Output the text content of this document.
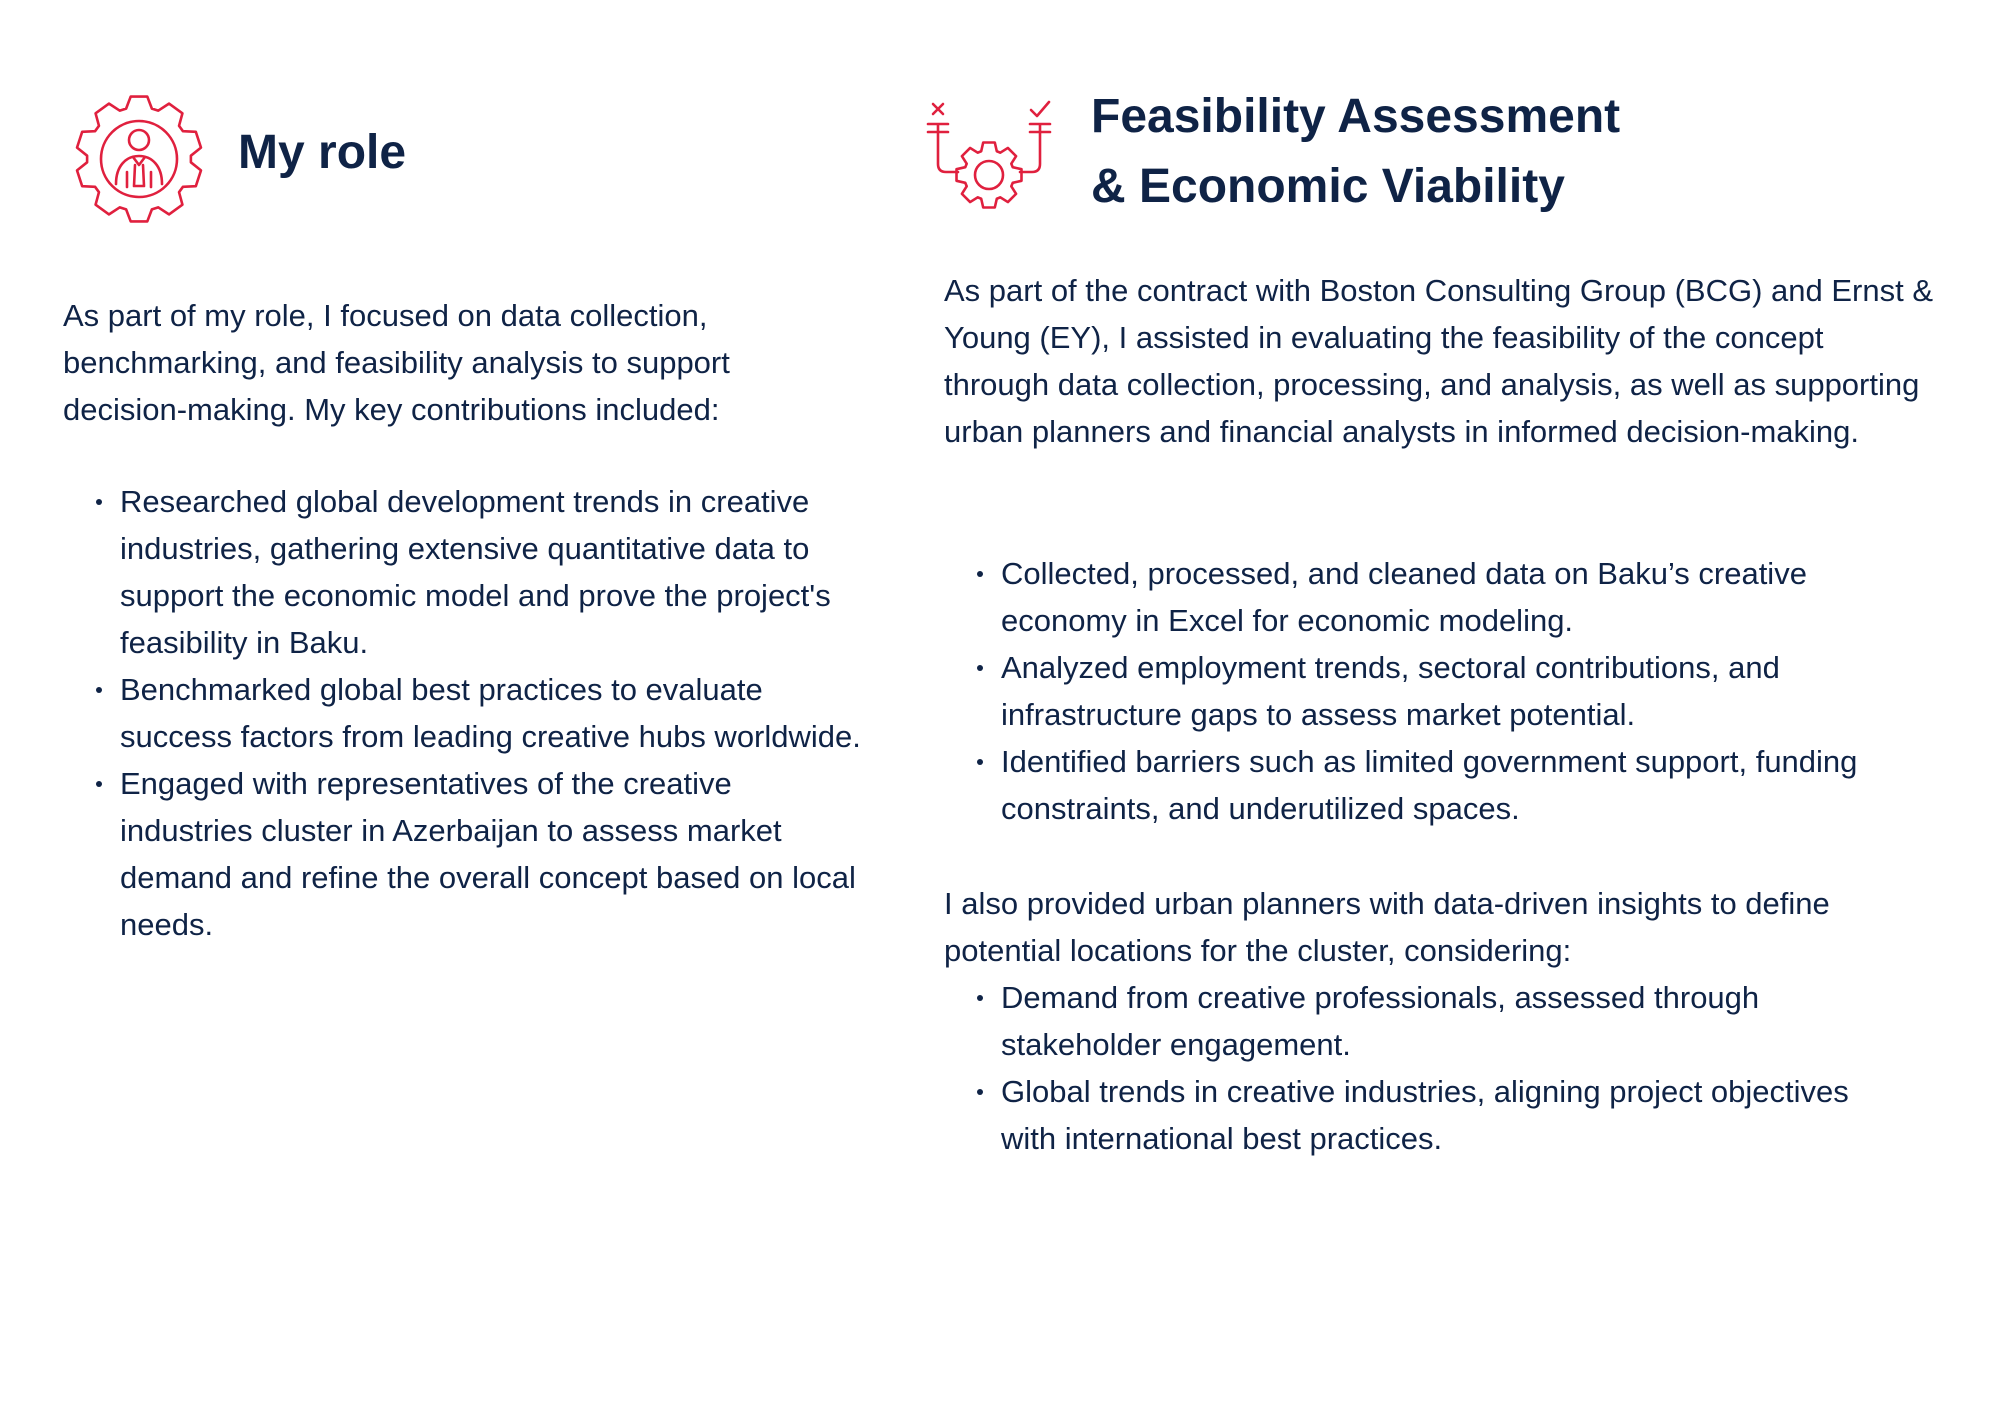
My role

As part of my role, I focused on data collection, benchmarking, and feasibility analysis to support decision-making. My key contributions included:

Researched global development trends in creative industries, gathering extensive quantitative data to support the economic model and prove the project's feasibility in Baku.
Benchmarked global best practices to evaluate success factors from leading creative hubs worldwide.
Engaged with representatives of the creative industries cluster in Azerbaijan to assess market demand and refine the overall concept based on local needs.
Feasibility Assessment
& Economic Viability

As part of the contract with Boston Consulting Group (BCG) and Ernst & Young (EY), I assisted in evaluating the feasibility of the concept through data collection, processing, and analysis, as well as supporting urban planners and financial analysts in informed decision-making.

Collected, processed, and cleaned data on Baku’s creative economy in Excel for economic modeling.
Analyzed employment trends, sectoral contributions, and infrastructure gaps to assess market potential.
Identified barriers such as limited government support, funding constraints, and underutilized spaces.

I also provided urban planners with data-driven insights to define potential locations for the cluster, considering:

Demand from creative professionals, assessed through stakeholder engagement.
Global trends in creative industries, aligning project objectives with international best practices.
